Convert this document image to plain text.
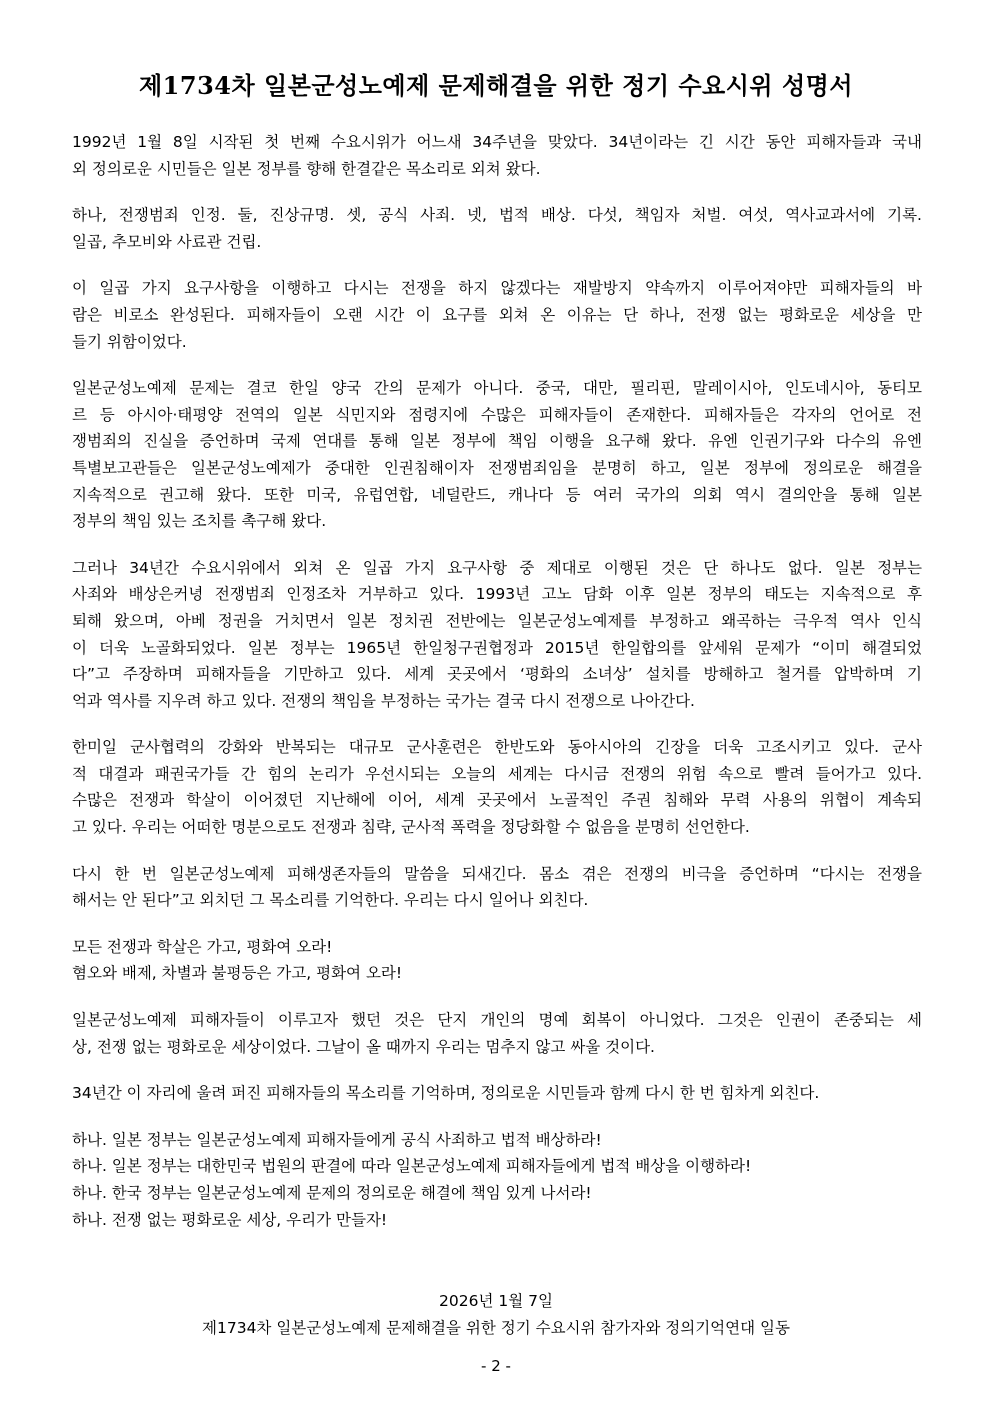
제1734차 일본군성노예제 문제해결을 위한 정기 수요시위 성명서
1992년 1월 8일 시작된 첫 번째 수요시위가 어느새 34주년을 맞았다. 34년이라는 긴 시간 동안 피해자들과 국내
외 정의로운 시민들은 일본 정부를 향해 한결같은 목소리로 외쳐 왔다.
하나, 전쟁범죄 인정. 둘, 진상규명. 셋, 공식 사죄. 넷, 법적 배상. 다섯, 책임자 처벌. 여섯, 역사교과서에 기록.
일곱, 추모비와 사료관 건립.
이 일곱 가지 요구사항을 이행하고 다시는 전쟁을 하지 않겠다는 재발방지 약속까지 이루어져야만 피해자들의 바
람은 비로소 완성된다. 피해자들이 오랜 시간 이 요구를 외쳐 온 이유는 단 하나, 전쟁 없는 평화로운 세상을 만
들기 위함이었다.
일본군성노예제 문제는 결코 한일 양국 간의 문제가 아니다. 중국, 대만, 필리핀, 말레이시아, 인도네시아, 동티모
르 등 아시아·태평양 전역의 일본 식민지와 점령지에 수많은 피해자들이 존재한다. 피해자들은 각자의 언어로 전
쟁범죄의 진실을 증언하며 국제 연대를 통해 일본 정부에 책임 이행을 요구해 왔다. 유엔 인권기구와 다수의 유엔
특별보고관들은 일본군성노예제가 중대한 인권침해이자 전쟁범죄임을 분명히 하고, 일본 정부에 정의로운 해결을
지속적으로 권고해 왔다. 또한 미국, 유럽연합, 네덜란드, 캐나다 등 여러 국가의 의회 역시 결의안을 통해 일본
정부의 책임 있는 조치를 촉구해 왔다.
그러나 34년간 수요시위에서 외쳐 온 일곱 가지 요구사항 중 제대로 이행된 것은 단 하나도 없다. 일본 정부는
사죄와 배상은커녕 전쟁범죄 인정조차 거부하고 있다. 1993년 고노 담화 이후 일본 정부의 태도는 지속적으로 후
퇴해 왔으며, 아베 정권을 거치면서 일본 정치권 전반에는 일본군성노예제를 부정하고 왜곡하는 극우적 역사 인식
이 더욱 노골화되었다. 일본 정부는 1965년 한일청구권협정과 2015년 한일합의를 앞세워 문제가 “이미 해결되었
다”고 주장하며 피해자들을 기만하고 있다. 세계 곳곳에서 ‘평화의 소녀상’ 설치를 방해하고 철거를 압박하며 기
억과 역사를 지우려 하고 있다. 전쟁의 책임을 부정하는 국가는 결국 다시 전쟁으로 나아간다.
한미일 군사협력의 강화와 반복되는 대규모 군사훈련은 한반도와 동아시아의 긴장을 더욱 고조시키고 있다. 군사
적 대결과 패권국가들 간 힘의 논리가 우선시되는 오늘의 세계는 다시금 전쟁의 위험 속으로 빨려 들어가고 있다.
수많은 전쟁과 학살이 이어졌던 지난해에 이어, 세계 곳곳에서 노골적인 주권 침해와 무력 사용의 위협이 계속되
고 있다. 우리는 어떠한 명분으로도 전쟁과 침략, 군사적 폭력을 정당화할 수 없음을 분명히 선언한다.
다시 한 번 일본군성노예제 피해생존자들의 말씀을 되새긴다. 몸소 겪은 전쟁의 비극을 증언하며 “다시는 전쟁을
해서는 안 된다”고 외치던 그 목소리를 기억한다. 우리는 다시 일어나 외친다.
모든 전쟁과 학살은 가고, 평화여 오라!
혐오와 배제, 차별과 불평등은 가고, 평화여 오라!
일본군성노예제 피해자들이 이루고자 했던 것은 단지 개인의 명예 회복이 아니었다. 그것은 인권이 존중되는 세
상, 전쟁 없는 평화로운 세상이었다. 그날이 올 때까지 우리는 멈추지 않고 싸울 것이다.
34년간 이 자리에 울려 퍼진 피해자들의 목소리를 기억하며, 정의로운 시민들과 함께 다시 한 번 힘차게 외친다.
하나. 일본 정부는 일본군성노예제 피해자들에게 공식 사죄하고 법적 배상하라!
하나. 일본 정부는 대한민국 법원의 판결에 따라 일본군성노예제 피해자들에게 법적 배상을 이행하라!
하나. 한국 정부는 일본군성노예제 문제의 정의로운 해결에 책임 있게 나서라!
하나. 전쟁 없는 평화로운 세상, 우리가 만들자!
2026년 1월 7일
제1734차 일본군성노예제 문제해결을 위한 정기 수요시위 참가자와 정의기억연대 일동
- 2 -
